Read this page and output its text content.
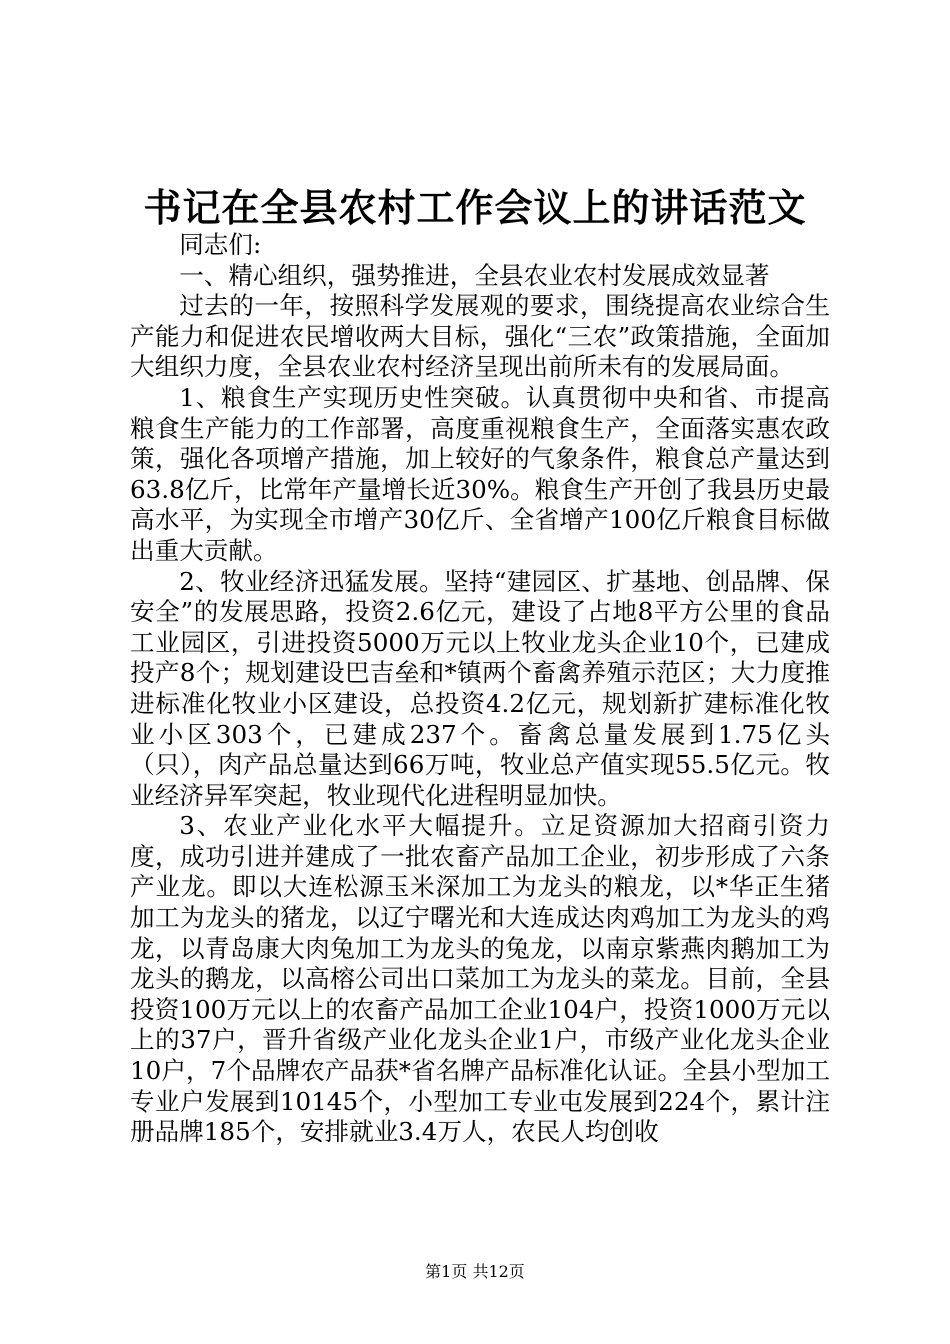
书记在全县农村工作会议上的讲话范文

同志们:

一、精心组织，强势推进，全县农业农村发展成效显著

过去的一年，按照科学发展观的要求，围绕提高农业综合生产能力和促进农民增收两大目标，强化“三农”政策措施，全面加大组织力度，全县农业农村经济呈现出前所未有的发展局面。

1、粮食生产实现历史性突破。认真贯彻中央和省、市提高粮食生产能力的工作部署，高度重视粮食生产，全面落实惠农政策，强化各项增产措施，加上较好的气象条件，粮食总产量达到63.8亿斤，比常年产量增长近30%。粮食生产开创了我县历史最高水平，为实现全市增产30亿斤、全省增产100亿斤粮食目标做出重大贡献。

2、牧业经济迅猛发展。坚持“建园区、扩基地、创品牌、保安全”的发展思路，投资2.6亿元，建设了占地8平方公里的食品工业园区，引进投资5000万元以上牧业龙头企业10个，已建成投产8个；规划建设巴吉垒和*镇两个畜禽养殖示范区；大力度推进标准化牧业小区建设，总投资4.2亿元，规划新扩建标准化牧业小区303个，已建成237个。畜禽总量发展到1.75亿头（只），肉产品总量达到66万吨，牧业总产值实现55.5亿元。牧业经济异军突起，牧业现代化进程明显加快。

3、农业产业化水平大幅提升。立足资源加大招商引资力度，成功引进并建成了一批农畜产品加工企业，初步形成了六条产业龙。即以大连松源玉米深加工为龙头的粮龙，以*华正生猪加工为龙头的猪龙，以辽宁曙光和大连成达肉鸡加工为龙头的鸡龙，以青岛康大肉兔加工为龙头的兔龙，以南京紫燕肉鹅加工为龙头的鹅龙，以高榕公司出口菜加工为龙头的菜龙。目前，全县投资100万元以上的农畜产品加工企业104户，投资1000万元以上的37户，晋升省级产业化龙头企业1户，市级产业化龙头企业10户，7个品牌农产品获*省名牌产品标准化认证。全县小型加工专业户发展到10145个，小型加工专业屯发展到224个，累计注册品牌185个，安排就业3.4万人，农民人均创收

第1页 共12页
